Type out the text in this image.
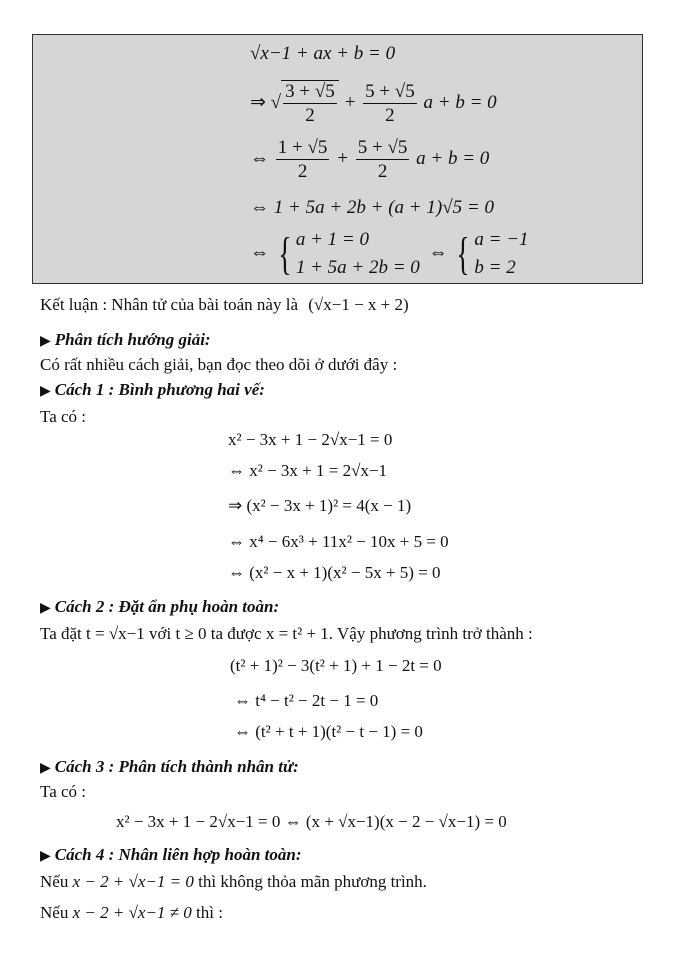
√x−1 + ax + b = 0
⇒ √ $\frac{3 + √5}{2} + \frac{5 + √5}{2}$ a + b = 0
⇔ $\frac{1 + √5}{2} + \frac{5 + √5}{2}$ a + b = 0
⇔ 1 + 5a + 2b + (a + 1)√5 = 0
⇔ { a + 1 = 0
1 + 5a + 2b = 0 ⇔ { a = −1
b = 2
Kết luận : Nhân tử của bài toán này là (√x−1 − x + 2)
▶ Phân tích hướng giải:
Có rất nhiều cách giải, bạn đọc theo dõi ở dưới đây :
▶ Cách 1 : Bình phương hai vế:
Ta có :
x² − 3x + 1 − 2√x−1 = 0
⇔ x² − 3x + 1 = 2√x−1
⇒ (x² − 3x + 1)² = 4(x − 1)
⇔ x⁴ − 6x³ + 11x² − 10x + 5 = 0
⇔ (x² − x + 1)(x² − 5x + 5) = 0
▶ Cách 2 : Đặt ẩn phụ hoàn toàn:
Ta đặt t = √x−1 với t ≥ 0 ta được x = t² + 1. Vậy phương trình trở thành :
(t² + 1)² − 3(t² + 1) + 1 − 2t = 0
⇔ t⁴ − t² − 2t − 1 = 0
⇔ (t² + t + 1)(t² − t − 1) = 0
▶ Cách 3 : Phân tích thành nhân tử:
Ta có :
x² − 3x + 1 − 2√x−1 = 0 ⇔ (x + √x−1)(x − 2 − √x−1) = 0
▶ Cách 4 : Nhân liên hợp hoàn toàn:
Nếu x − 2 + √x−1 = 0 thì không thỏa mãn phương trình.
Nếu x − 2 + √x−1 ≠ 0 thì :
